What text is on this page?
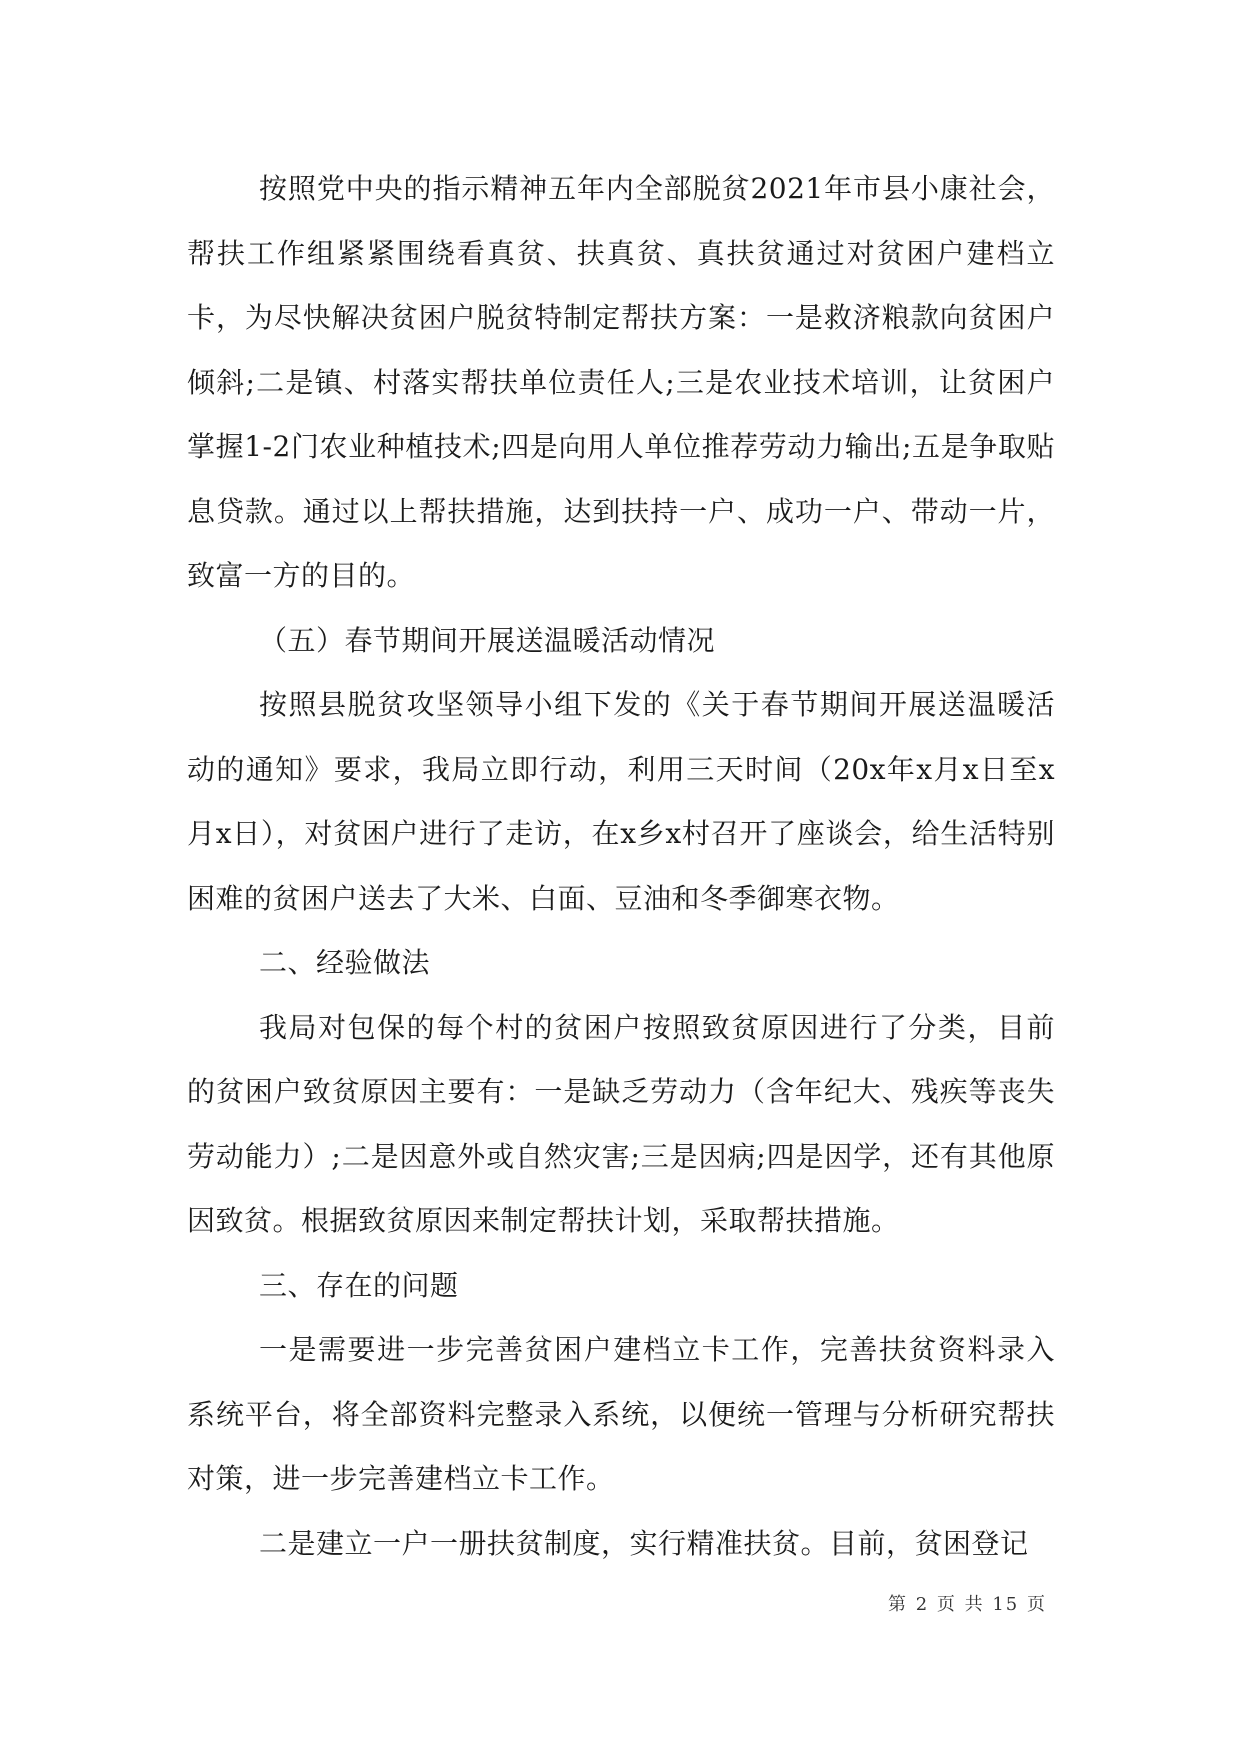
按照党中央的指示精神五年内全部脱贫2021年市县小康社会，帮扶工作组紧紧围绕看真贫、扶真贫、真扶贫通过对贫困户建档立卡，为尽快解决贫困户脱贫特制定帮扶方案：一是救济粮款向贫困户倾斜;二是镇、村落实帮扶单位责任人;三是农业技术培训，让贫困户掌握1-2门农业种植技术;四是向用人单位推荐劳动力输出;五是争取贴息贷款。通过以上帮扶措施，达到扶持一户、成功一户、带动一片，致富一方的目的。

（五）春节期间开展送温暖活动情况

按照县脱贫攻坚领导小组下发的《关于春节期间开展送温暖活动的通知》要求，我局立即行动，利用三天时间（20x年x月x日至x月x日），对贫困户进行了走访，在x乡x村召开了座谈会，给生活特别困难的贫困户送去了大米、白面、豆油和冬季御寒衣物。

二、经验做法

我局对包保的每个村的贫困户按照致贫原因进行了分类，目前的贫困户致贫原因主要有：一是缺乏劳动力（含年纪大、残疾等丧失劳动能力）;二是因意外或自然灾害;三是因病;四是因学，还有其他原因致贫。根据致贫原因来制定帮扶计划，采取帮扶措施。

三、存在的问题

一是需要进一步完善贫困户建档立卡工作，完善扶贫资料录入系统平台，将全部资料完整录入系统，以便统一管理与分析研究帮扶对策，进一步完善建档立卡工作。

二是建立一户一册扶贫制度，实行精准扶贫。目前，贫困登记

第 2 页 共 15 页
